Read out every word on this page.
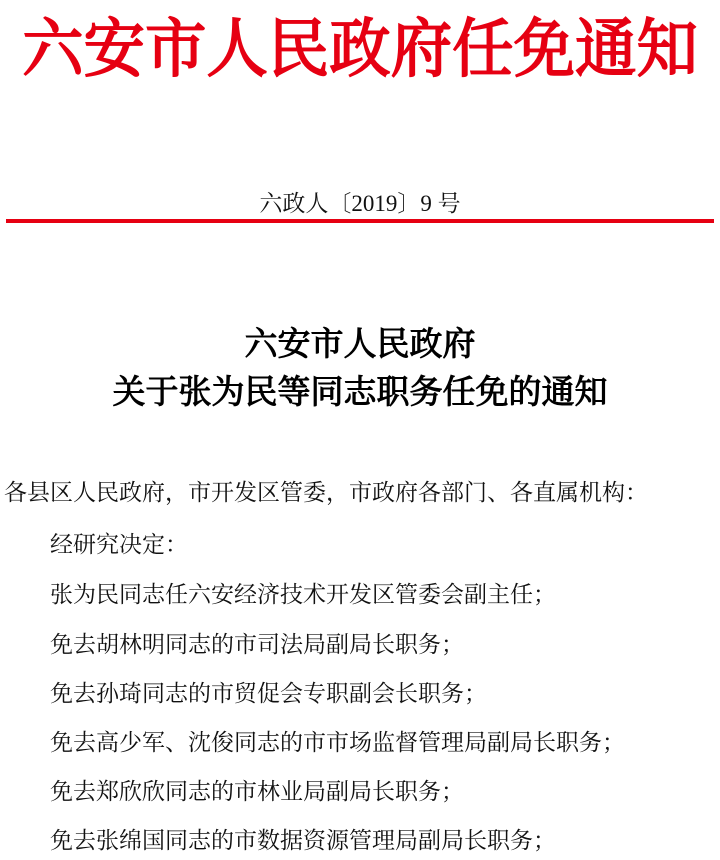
六安市人民政府任免通知
六政人〔2019〕9 号
六安市人民政府
关于张为民等同志职务任免的通知
各县区人民政府，市开发区管委，市政府各部门、各直属机构：
经研究决定：
张为民同志任六安经济技术开发区管委会副主任；
免去胡林明同志的市司法局副局长职务；
免去孙琦同志的市贸促会专职副会长职务；
免去高少军、沈俊同志的市市场监督管理局副局长职务；
免去郑欣欣同志的市林业局副局长职务；
免去张绵国同志的市数据资源管理局副局长职务；
